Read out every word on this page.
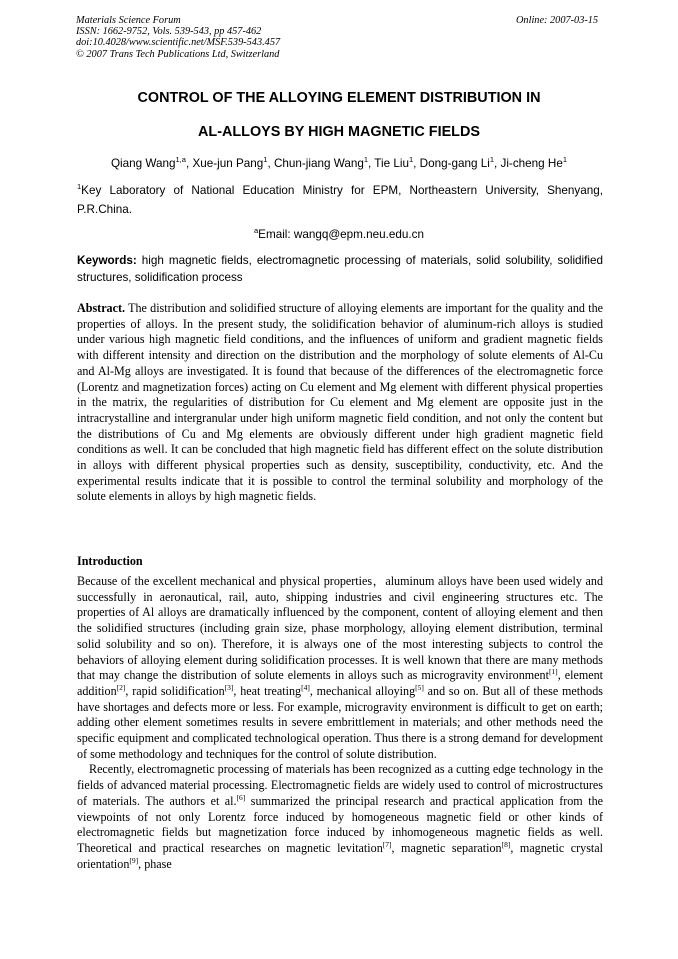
Materials Science Forum
ISSN: 1662-9752, Vols. 539-543, pp 457-462
doi:10.4028/www.scientific.net/MSF.539-543.457
© 2007 Trans Tech Publications Ltd, Switzerland
Online: 2007-03-15
CONTROL OF THE ALLOYING ELEMENT DISTRIBUTION IN
AL-ALLOYS BY HIGH MAGNETIC FIELDS
Qiang Wang$^{1,a}$, Xue-jun Pang$^1$, Chun-jiang Wang$^1$, Tie Liu$^1$, Dong-gang Li$^1$, Ji-cheng He$^1$
$^1$Key Laboratory of National Education Ministry for EPM, Northeastern University, Shenyang, P.R.China.
$^a$Email: wangq@epm.neu.edu.cn
Keywords: high magnetic fields, electromagnetic processing of materials, solid solubility, solidified structures, solidification process
Abstract. The distribution and solidified structure of alloying elements are important for the quality and the properties of alloys. In the present study, the solidification behavior of aluminum-rich alloys is studied under various high magnetic field conditions, and the influences of uniform and gradient magnetic fields with different intensity and direction on the distribution and the morphology of solute elements of Al-Cu and Al-Mg alloys are investigated. It is found that because of the differences of the electromagnetic force (Lorentz and magnetization forces) acting on Cu element and Mg element with different physical properties in the matrix, the regularities of distribution for Cu element and Mg element are opposite just in the intracrystalline and intergranular under high uniform magnetic field condition, and not only the content but the distributions of Cu and Mg elements are obviously different under high gradient magnetic field conditions as well. It can be concluded that high magnetic field has different effect on the solute distribution in alloys with different physical properties such as density, susceptibility, conductivity, etc. And the experimental results indicate that it is possible to control the terminal solubility and morphology of the solute elements in alloys by high magnetic fields.
Introduction

Because of the excellent mechanical and physical properties，aluminum alloys have been used widely and successfully in aeronautical, rail, auto, shipping industries and civil engineering structures etc. The properties of Al alloys are dramatically influenced by the component, content of alloying element and then the solidified structures (including grain size, phase morphology, alloying element distribution, terminal solid solubility and so on). Therefore, it is always one of the most interesting subjects to control the behaviors of alloying element during solidification processes. It is well known that there are many methods that may change the distribution of solute elements in alloys such as microgravity environment[1], element addition[2], rapid solidification[3], heat treating[4], mechanical alloying[5] and so on. But all of these methods have shortages and defects more or less. For example, microgravity environment is difficult to get on earth; adding other element sometimes results in severe embrittlement in materials; and other methods need the specific equipment and complicated technological operation. Thus there is a strong demand for development of some methodology and techniques for the control of solute distribution.

Recently, electromagnetic processing of materials has been recognized as a cutting edge technology in the fields of advanced material processing. Electromagnetic fields are widely used to control of microstructures of materials. The authors et al.[6] summarized the principal research and practical application from the viewpoints of not only Lorentz force induced by homogeneous magnetic field or other kinds of electromagnetic fields but magnetization force induced by inhomogeneous magnetic fields as well. Theoretical and practical researches on magnetic levitation[7], magnetic separation[8], magnetic crystal orientation[9], phase
